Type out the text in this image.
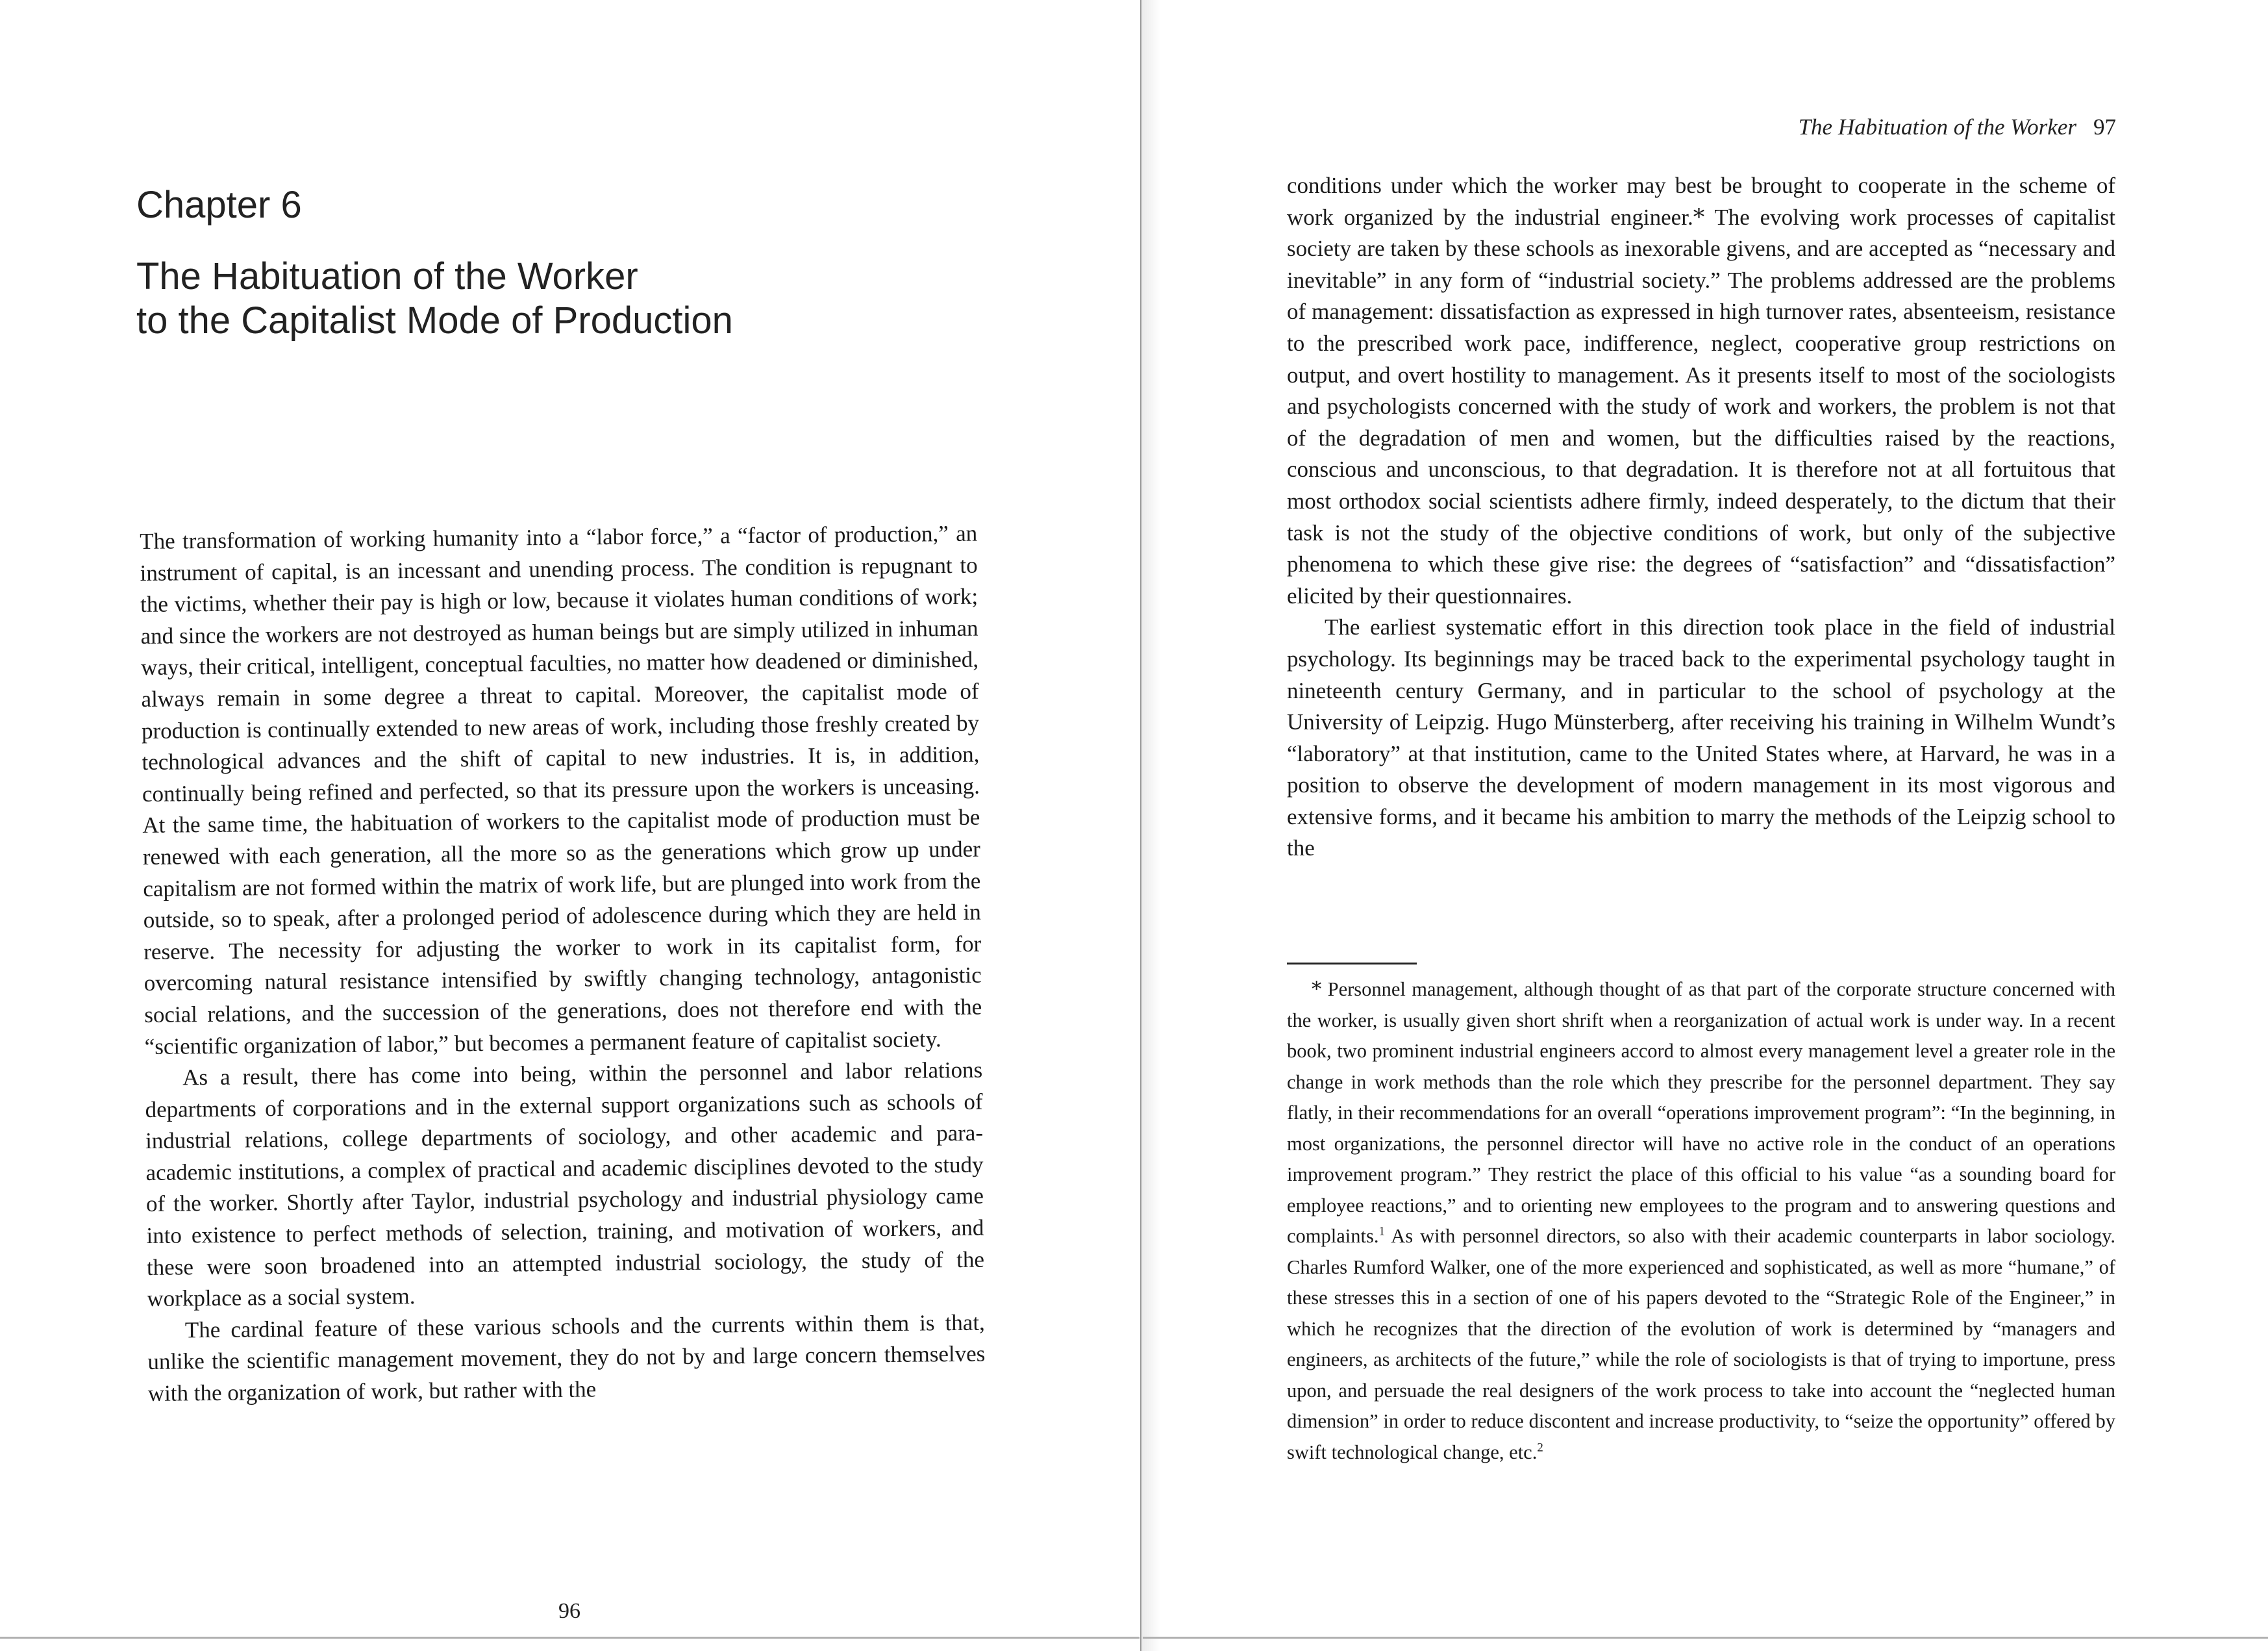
Chapter 6
The Habituation of the Worker
to the Capitalist Mode of Production

The transformation of working humanity into a “labor force,” a “factor of production,” an instrument of capital, is an incessant and unending process. The condition is repugnant to the victims, whether their pay is high or low, because it violates human conditions of work; and since the workers are not destroyed as human beings but are simply utilized in inhuman ways, their critical, intelligent, conceptual faculties, no matter how deadened or diminished, always remain in some degree a threat to capital. Moreover, the capitalist mode of production is continually extended to new areas of work, including those freshly created by technological advances and the shift of capital to new industries. It is, in addition, continually being refined and perfected, so that its pressure upon the workers is unceasing. At the same time, the habituation of workers to the capitalist mode of production must be renewed with each generation, all the more so as the generations which grow up under capitalism are not formed within the matrix of work life, but are plunged into work from the outside, so to speak, after a prolonged period of adolescence during which they are held in reserve. The necessity for adjusting the worker to work in its capitalist form, for overcoming natural resistance intensified by swiftly changing technology, antagonistic social relations, and the succession of the generations, does not therefore end with the “scientific organization of labor,” but becomes a permanent feature of capitalist society.

As a result, there has come into being, within the personnel and labor relations departments of corporations and in the external support organizations such as schools of industrial relations, college departments of sociology, and other academic and para-academic institutions, a complex of practical and academic disciplines devoted to the study of the worker. Shortly after Taylor, industrial psychology and industrial physiology came into existence to perfect methods of selection, training, and motivation of workers, and these were soon broadened into an attempted industrial sociology, the study of the workplace as a social system.

The cardinal feature of these various schools and the currents within them is that, unlike the scientific management movement, they do not by and large concern themselves with the organization of work, but rather with the

96
The Habituation of the Worker 97

conditions under which the worker may best be brought to cooperate in the scheme of work organized by the industrial engineer.* The evolving work processes of capitalist society are taken by these schools as inexorable givens, and are accepted as “necessary and inevitable” in any form of “industrial society.” The problems addressed are the problems of management: dissatisfaction as expressed in high turnover rates, absenteeism, resistance to the prescribed work pace, indifference, neglect, cooperative group restrictions on output, and overt hostility to management. As it presents itself to most of the sociologists and psychologists concerned with the study of work and workers, the problem is not that of the degradation of men and women, but the difficulties raised by the reactions, conscious and unconscious, to that degradation. It is therefore not at all fortuitous that most orthodox social scientists adhere firmly, indeed desperately, to the dictum that their task is not the study of the objective conditions of work, but only of the subjective phenomena to which these give rise: the degrees of “satisfaction” and “dissatisfaction” elicited by their questionnaires.

The earliest systematic effort in this direction took place in the field of industrial psychology. Its beginnings may be traced back to the experimental psychology taught in nineteenth century Germany, and in particular to the school of psychology at the University of Leipzig. Hugo Münsterberg, after receiving his training in Wilhelm Wundt’s “laboratory” at that institution, came to the United States where, at Harvard, he was in a position to observe the development of modern management in its most vigorous and extensive forms, and it became his ambition to marry the methods of the Leipzig school to the

* Personnel management, although thought of as that part of the corporate structure concerned with the worker, is usually given short shrift when a reorganization of actual work is under way. In a recent book, two prominent industrial engineers accord to almost every management level a greater role in the change in work methods than the role which they prescribe for the personnel department. They say flatly, in their recommendations for an overall “operations improvement program”: “In the beginning, in most organizations, the personnel director will have no active role in the conduct of an operations improvement program.” They restrict the place of this official to his value “as a sounding board for employee reactions,” and to orienting new employees to the program and to answering questions and complaints.$^1$ As with personnel directors, so also with their academic counterparts in labor sociology. Charles Rumford Walker, one of the more experienced and sophisticated, as well as more “humane,” of these stresses this in a section of one of his papers devoted to the “Strategic Role of the Engineer,” in which he recognizes that the direction of the evolution of work is determined by “managers and engineers, as architects of the future,” while the role of sociologists is that of trying to importune, press upon, and persuade the real designers of the work process to take into account the “neglected human dimension” in order to reduce discontent and increase productivity, to “seize the opportunity” offered by swift technological change, etc.$^2$
